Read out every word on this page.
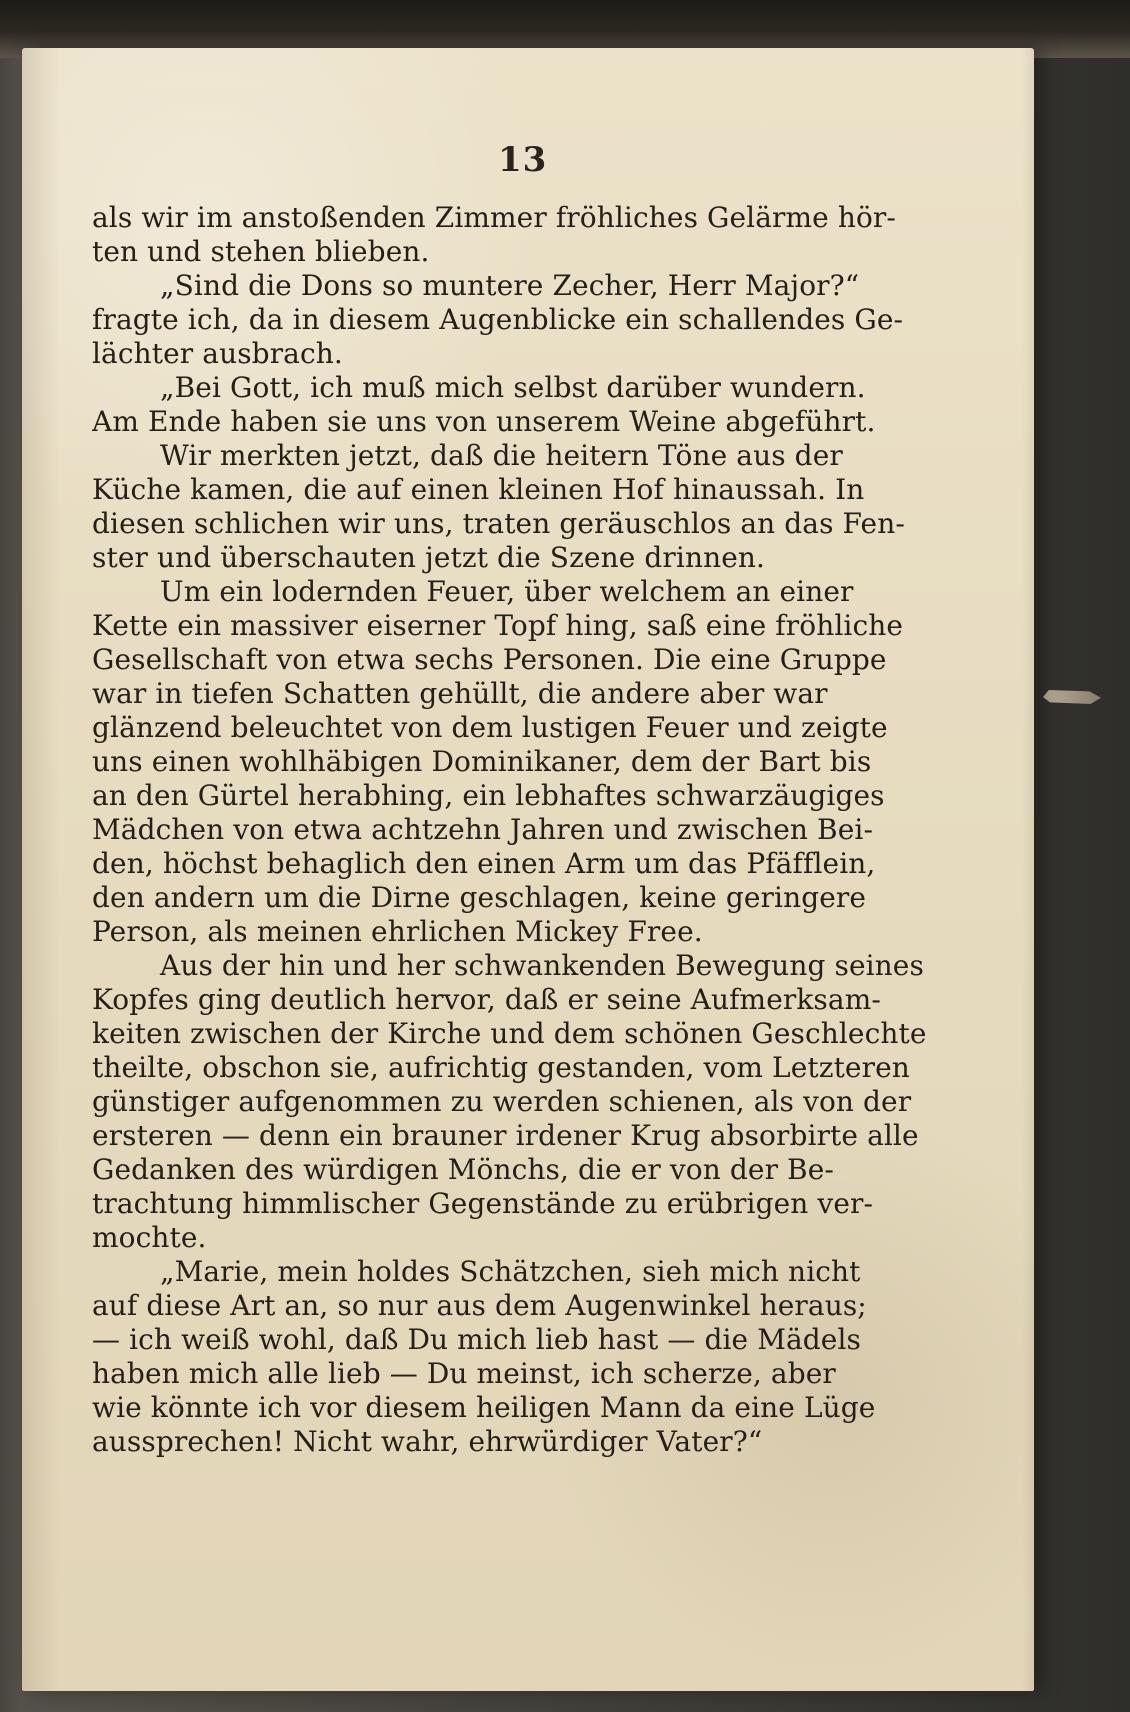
13
als wir im anstoßenden Zimmer fröhliches Gelärme hör-
ten und stehen blieben.
„Sind die Dons so muntere Zecher, Herr Major?“
fragte ich, da in diesem Augenblicke ein schallendes Ge-
lächter ausbrach.
„Bei Gott, ich muß mich selbst darüber wundern.
Am Ende haben sie uns von unserem Weine abgeführt.
Wir merkten jetzt, daß die heitern Töne aus der
Küche kamen, die auf einen kleinen Hof hinaussah. In
diesen schlichen wir uns, traten geräuschlos an das Fen-
ster und überschauten jetzt die Szene drinnen.
Um ein lodernden Feuer, über welchem an einer
Kette ein massiver eiserner Topf hing, saß eine fröhliche
Gesellschaft von etwa sechs Personen. Die eine Gruppe
war in tiefen Schatten gehüllt, die andere aber war
glänzend beleuchtet von dem lustigen Feuer und zeigte
uns einen wohlhäbigen Dominikaner, dem der Bart bis
an den Gürtel herabhing, ein lebhaftes schwarzäugiges
Mädchen von etwa achtzehn Jahren und zwischen Bei-
den, höchst behaglich den einen Arm um das Pfäfflein,
den andern um die Dirne geschlagen, keine geringere
Person, als meinen ehrlichen Mickey Free.
Aus der hin und her schwankenden Bewegung seines
Kopfes ging deutlich hervor, daß er seine Aufmerksam-
keiten zwischen der Kirche und dem schönen Geschlechte
theilte, obschon sie, aufrichtig gestanden, vom Letzteren
günstiger aufgenommen zu werden schienen, als von der
ersteren — denn ein brauner irdener Krug absorbirte alle
Gedanken des würdigen Mönchs, die er von der Be-
trachtung himmlischer Gegenstände zu erübrigen ver-
mochte.
„Marie, mein holdes Schätzchen, sieh mich nicht
auf diese Art an, so nur aus dem Augenwinkel heraus;
— ich weiß wohl, daß Du mich lieb hast — die Mädels
haben mich alle lieb — Du meinst, ich scherze, aber
wie könnte ich vor diesem heiligen Mann da eine Lüge
aussprechen! Nicht wahr, ehrwürdiger Vater?“
